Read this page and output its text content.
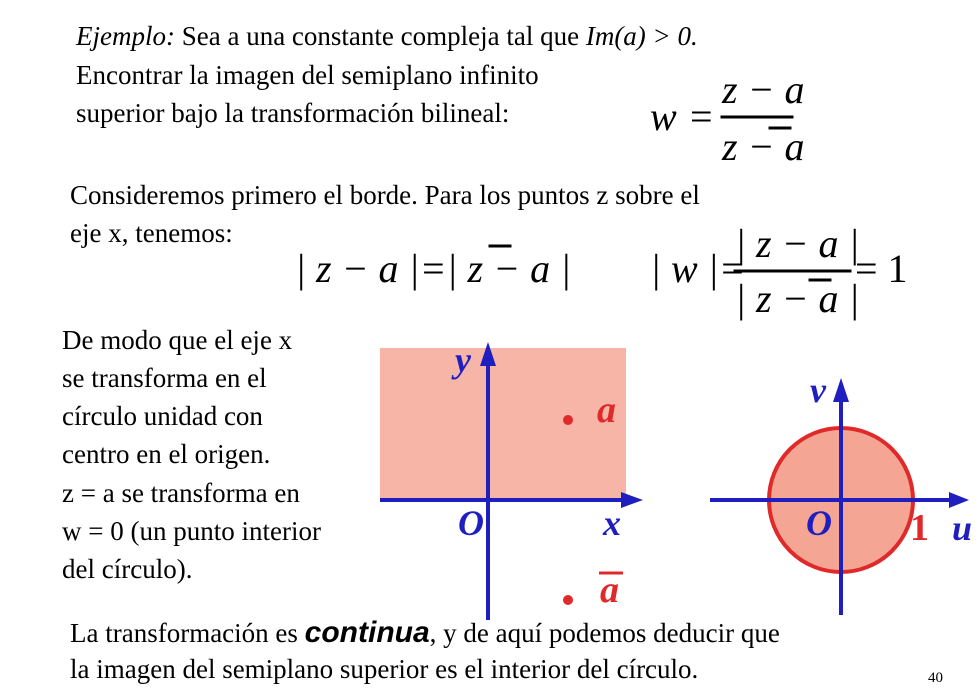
Ejemplo: Sea a una constante compleja tal que Im(a) > 0.
Encontrar la imagen del semiplano infinito
superior bajo la transformación bilineal:	w =
z − a
z − a
Consideremos primero el borde. Para los puntos z sobre el
eje x, tenemos:
| z − a |=| z − a | | w |=
| z − a |
| z − a |
= 1
De modo que el eje x
se transforma en el
círculo unidad con
centro en el origen.
z = a se transforma en
w = 0 (un punto interior
del círculo).
y
x
O
a
a
v
u
O 1
La transformación es continua, y de aquí podemos deducir que
la imagen del semiplano superior es el interior del círculo.	40
